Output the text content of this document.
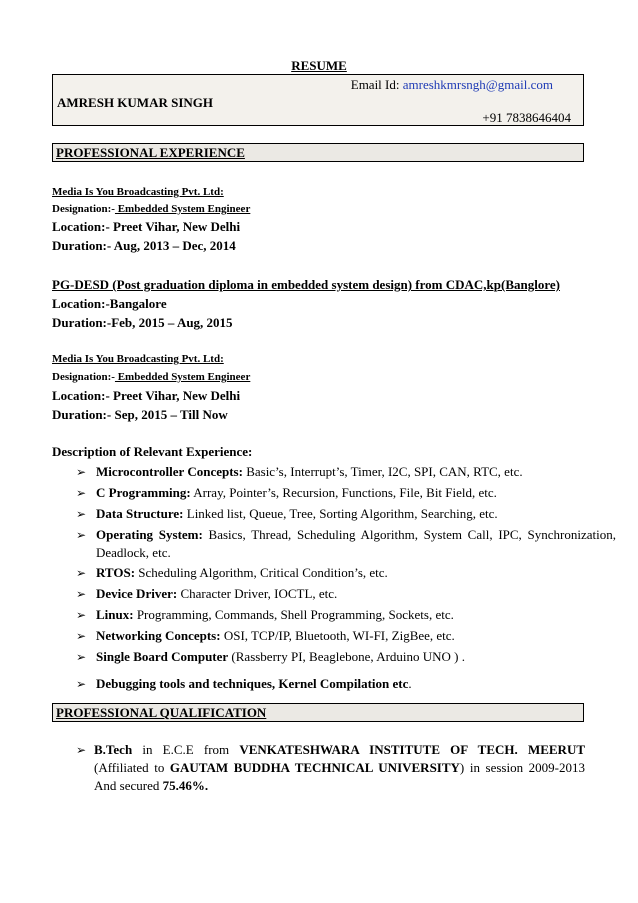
RESUME
Email Id: amreshkmrsngh@gmail.com
AMRESH KUMAR SINGH
+91 7838646404
PROFESSIONAL EXPERIENCE
Media Is You Broadcasting Pvt. Ltd:
Designation:- Embedded System Engineer
Location:- Preet Vihar, New Delhi
Duration:- Aug, 2013 – Dec, 2014
PG-DESD (Post graduation diploma in embedded system design) from CDAC,kp(Banglore)
Location:-Bangalore
Duration:-Feb, 2015 – Aug, 2015
Media Is You Broadcasting Pvt. Ltd:
Designation:- Embedded System Engineer
Location:- Preet Vihar, New Delhi
Duration:- Sep, 2015 – Till Now
Description of Relevant Experience:
➢ Microcontroller Concepts: Basic’s, Interrupt’s, Timer, I2C, SPI, CAN, RTC, etc.
➢ C Programming: Array, Pointer’s, Recursion, Functions, File, Bit Field, etc.
➢ Data Structure: Linked list, Queue, Tree, Sorting Algorithm, Searching, etc.
➢ Operating System: Basics, Thread, Scheduling Algorithm, System Call, IPC, Synchronization, Deadlock, etc.
➢ RTOS: Scheduling Algorithm, Critical Condition’s, etc.
➢ Device Driver: Character Driver, IOCTL, etc.
➢ Linux: Programming, Commands, Shell Programming, Sockets, etc.
➢ Networking Concepts: OSI, TCP/IP, Bluetooth, WI-FI, ZigBee, etc.
➢ Single Board Computer (Rassberry PI, Beaglebone, Arduino UNO ) .
➢ Debugging tools and techniques, Kernel Compilation etc.
PROFESSIONAL QUALIFICATION
➢ B.Tech in E.C.E from VENKATESHWARA INSTITUTE OF TECH. MEERUT (Affiliated to GAUTAM BUDDHA TECHNICAL UNIVERSITY) in session 2009-2013 And secured 75.46%.
